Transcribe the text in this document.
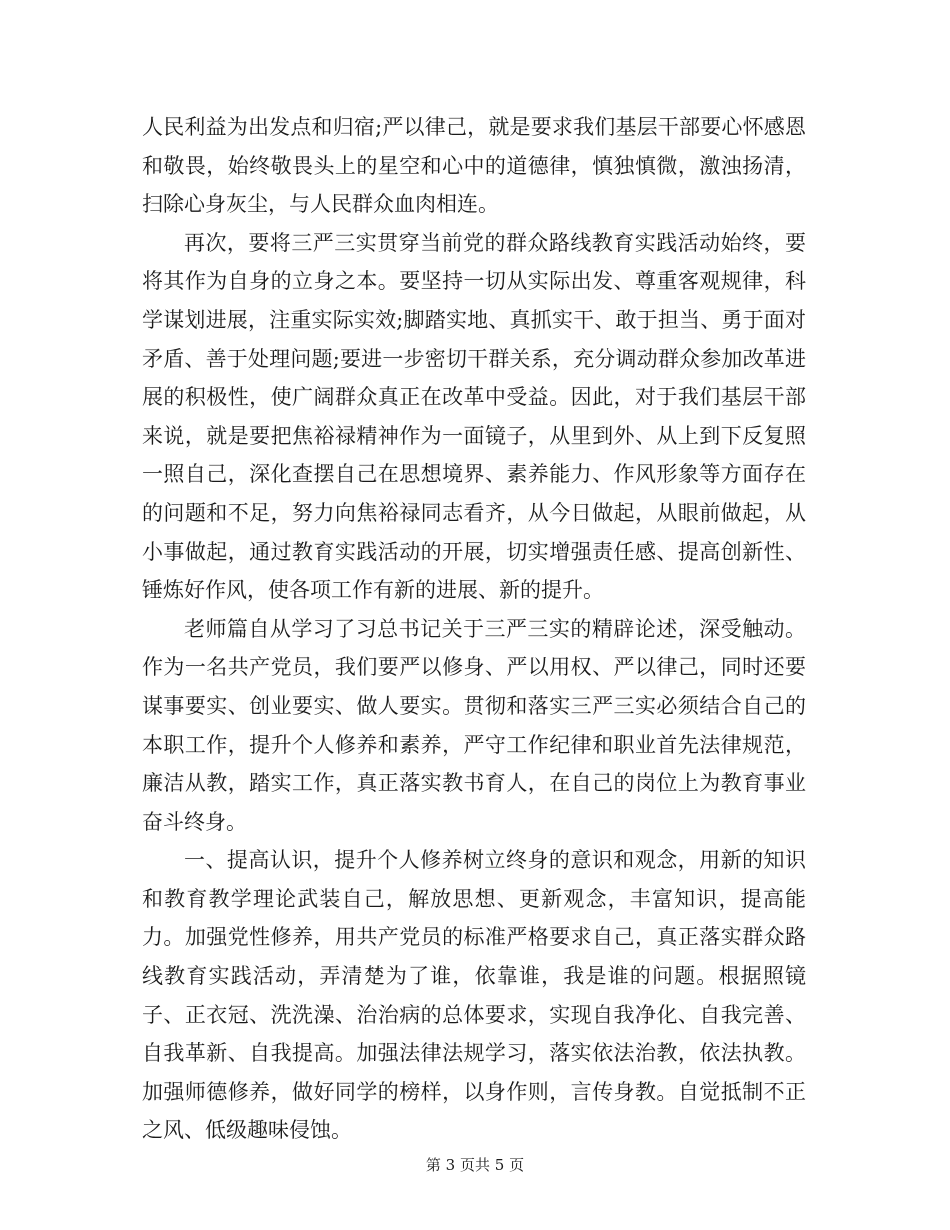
人民利益为出发点和归宿;严以律己，就是要求我们基层干部要心怀感恩和敬畏，始终敬畏头上的星空和心中的道德律，慎独慎微，激浊扬清，扫除心身灰尘，与人民群众血肉相连。

再次，要将三严三实贯穿当前党的群众路线教育实践活动始终，要将其作为自身的立身之本。要坚持一切从实际出发、尊重客观规律，科学谋划进展，注重实际实效;脚踏实地、真抓实干、敢于担当、勇于面对矛盾、善于处理问题;要进一步密切干群关系，充分调动群众参加改革进展的积极性，使广阔群众真正在改革中受益。因此，对于我们基层干部来说，就是要把焦裕禄精神作为一面镜子，从里到外、从上到下反复照一照自己，深化查摆自己在思想境界、素养能力、作风形象等方面存在的问题和不足，努力向焦裕禄同志看齐，从今日做起，从眼前做起，从小事做起，通过教育实践活动的开展，切实增强责任感、提高创新性、锤炼好作风，使各项工作有新的进展、新的提升。

老师篇自从学习了习总书记关于三严三实的精辟论述，深受触动。作为一名共产党员，我们要严以修身、严以用权、严以律己，同时还要谋事要实、创业要实、做人要实。贯彻和落实三严三实必须结合自己的本职工作，提升个人修养和素养，严守工作纪律和职业首先法律规范，廉洁从教，踏实工作，真正落实教书育人，在自己的岗位上为教育事业奋斗终身。

一、提高认识，提升个人修养树立终身的意识和观念，用新的知识和教育教学理论武装自己，解放思想、更新观念，丰富知识，提高能力。加强党性修养，用共产党员的标准严格要求自己，真正落实群众路线教育实践活动，弄清楚为了谁，依靠谁，我是谁的问题。根据照镜子、正衣冠、洗洗澡、治治病的总体要求，实现自我净化、自我完善、自我革新、自我提高。加强法律法规学习，落实依法治教，依法执教。加强师德修养，做好同学的榜样，以身作则，言传身教。自觉抵制不正之风、低级趣味侵蚀。

第 3 页共 5 页
